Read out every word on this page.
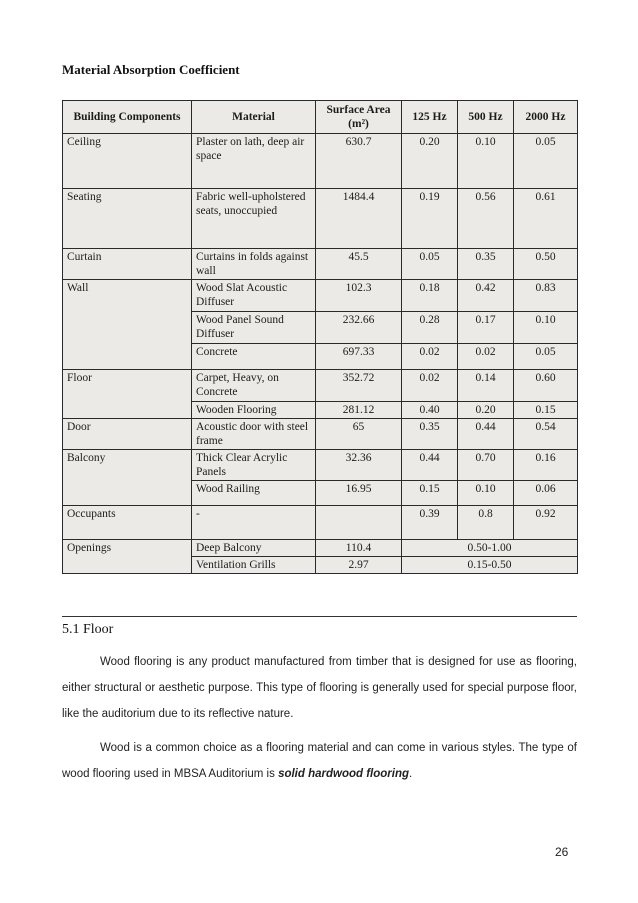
Material Absorption Coefficient
Building Components	Material	Surface Area (m²)	125 Hz	500 Hz	2000 Hz
Ceiling	Plaster on lath, deep air space	630.7	0.20	0.10	0.05
Seating	Fabric well-upholstered seats, unoccupied	1484.4	0.19	0.56	0.61
Curtain	Curtains in folds against wall	45.5	0.05	0.35	0.50
Wall	Wood Slat Acoustic Diffuser	102.3	0.18	0.42	0.83
	Wood Panel Sound Diffuser	232.66	0.28	0.17	0.10
	Concrete	697.33	0.02	0.02	0.05
Floor	Carpet, Heavy, on Concrete	352.72	0.02	0.14	0.60
	Wooden Flooring	281.12	0.40	0.20	0.15
Door	Acoustic door with steel frame	65	0.35	0.44	0.54
Balcony	Thick Clear Acrylic Panels	32.36	0.44	0.70	0.16
	Wood Railing	16.95	0.15	0.10	0.06
Occupants	-		0.39	0.8	0.92
Openings	Deep Balcony	110.4	0.50-1.00		
	Ventilation Grills	2.97	0.15-0.50		
5.1 Floor
Wood flooring is any product manufactured from timber that is designed for use as flooring, either structural or aesthetic purpose. This type of flooring is generally used for special purpose floor, like the auditorium due to its reflective nature.
Wood is a common choice as a flooring material and can come in various styles. The type of wood flooring used in MBSA Auditorium is solid hardwood flooring.
26
